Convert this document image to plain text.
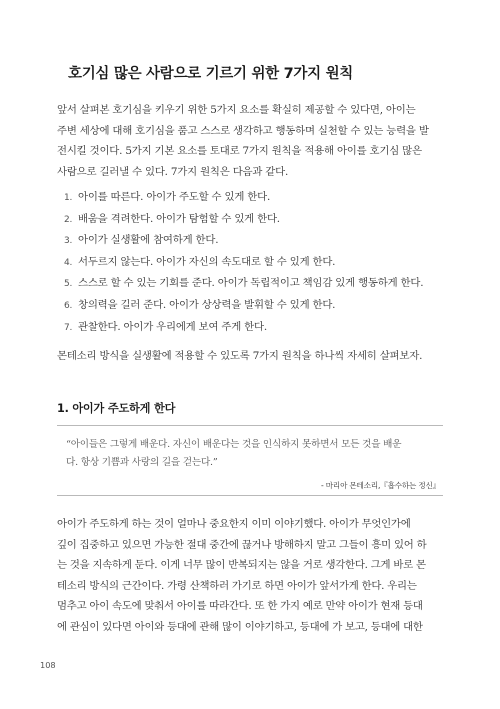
호기심 많은 사람으로 기르기 위한 7가지 원칙
앞서 살펴본 호기심을 키우기 위한 5가지 요소를 확실히 제공할 수 있다면, 아이는
주변 세상에 대해 호기심을 품고 스스로 생각하고 행동하며 실천할 수 있는 능력을 발
전시킬 것이다. 5가지 기본 요소를 토대로 7가지 원칙을 적용해 아이를 호기심 많은
사람으로 길러낼 수 있다. 7가지 원칙은 다음과 같다.
1. 아이를 따른다. 아이가 주도할 수 있게 한다.
2. 배움을 격려한다. 아이가 탐험할 수 있게 한다.
3. 아이가 실생활에 참여하게 한다.
4. 서두르지 않는다. 아이가 자신의 속도대로 할 수 있게 한다.
5. 스스로 할 수 있는 기회를 준다. 아이가 독립적이고 책임감 있게 행동하게 한다.
6. 창의력을 길러 준다. 아이가 상상력을 발휘할 수 있게 한다.
7. 관찰한다. 아이가 우리에게 보여 주게 한다.
몬테소리 방식을 실생활에 적용할 수 있도록 7가지 원칙을 하나씩 자세히 살펴보자.
1. 아이가 주도하게 한다
“아이들은 그렇게 배운다. 자신이 배운다는 것을 인식하지 못하면서 모든 것을 배운
다. 항상 기쁨과 사랑의 길을 걷는다.”
- 마리아 몬테소리,『흡수하는 정신』
아이가 주도하게 하는 것이 얼마나 중요한지 이미 이야기했다. 아이가 무엇인가에
깊이 집중하고 있으면 가능한 절대 중간에 끊거나 방해하지 말고 그들이 흥미 있어 하
는 것을 지속하게 둔다. 이게 너무 많이 반복되지는 않을 거로 생각한다. 그게 바로 몬
테소리 방식의 근간이다. 가령 산책하러 가기로 하면 아이가 앞서가게 한다. 우리는
멈추고 아이 속도에 맞춰서 아이를 따라간다. 또 한 가지 예로 만약 아이가 현재 등대
에 관심이 있다면 아이와 등대에 관해 많이 이야기하고, 등대에 가 보고, 등대에 대한
108
